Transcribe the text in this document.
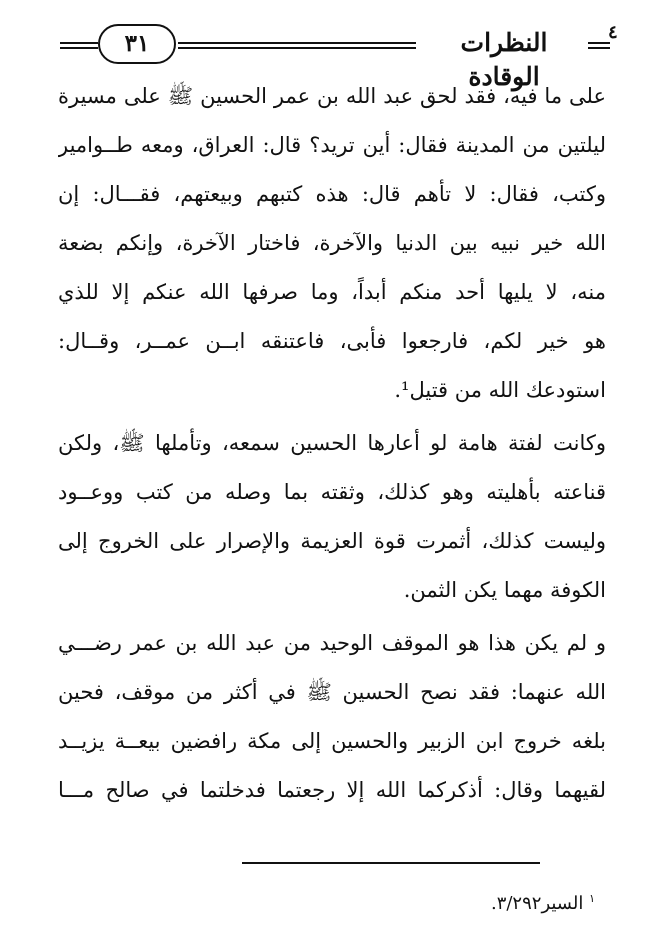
٣١	النظرات الوقادة
٤
على ما فيه، فقد لحق عبد الله بن عمر الحسين ﷺ على مسيرة
ليلتين من المدينة فقال: أين تريد؟ قال: العراق، ومعه طــوامير
وكتب، فقال: لا تأهم قال: هذه كتبهم وبيعتهم، فقـــال: إن
الله خير نبيه بين الدنيا والآخرة، فاختار الآخرة، وإنكم بضعة
منه، لا يليها أحد منكم أبداً، وما صرفها الله عنكم إلا للذي
هو خير لكم، فارجعوا فأبى، فاعتنقه ابــن عمــر، وقــال:
استودعك الله من قتيل¹.
وكانت لفتة هامة لو أعارها الحسين سمعه، وتأملها ﷺ، ولكن
قناعته بأهليته وهو كذلك، وثقته بما وصله من كتب ووعــود
وليست كذلك، أثمرت قوة العزيمة والإصرار على الخروج إلى
الكوفة مهما يكن الثمن.
و لم يكن هذا هو الموقف الوحيد من عبد الله بن عمر رضـــي
الله عنهما: فقد نصح الحسين ﷺ في أكثر من موقف، فحين
بلغه خروج ابن الزبير والحسين إلى مكة رافضين بيعــة يزيــد
لقيهما وقال: أذكركما الله إلا رجعتما فدخلتما في صالح مـــا
$^١$ السير٣/٢٩٢.
